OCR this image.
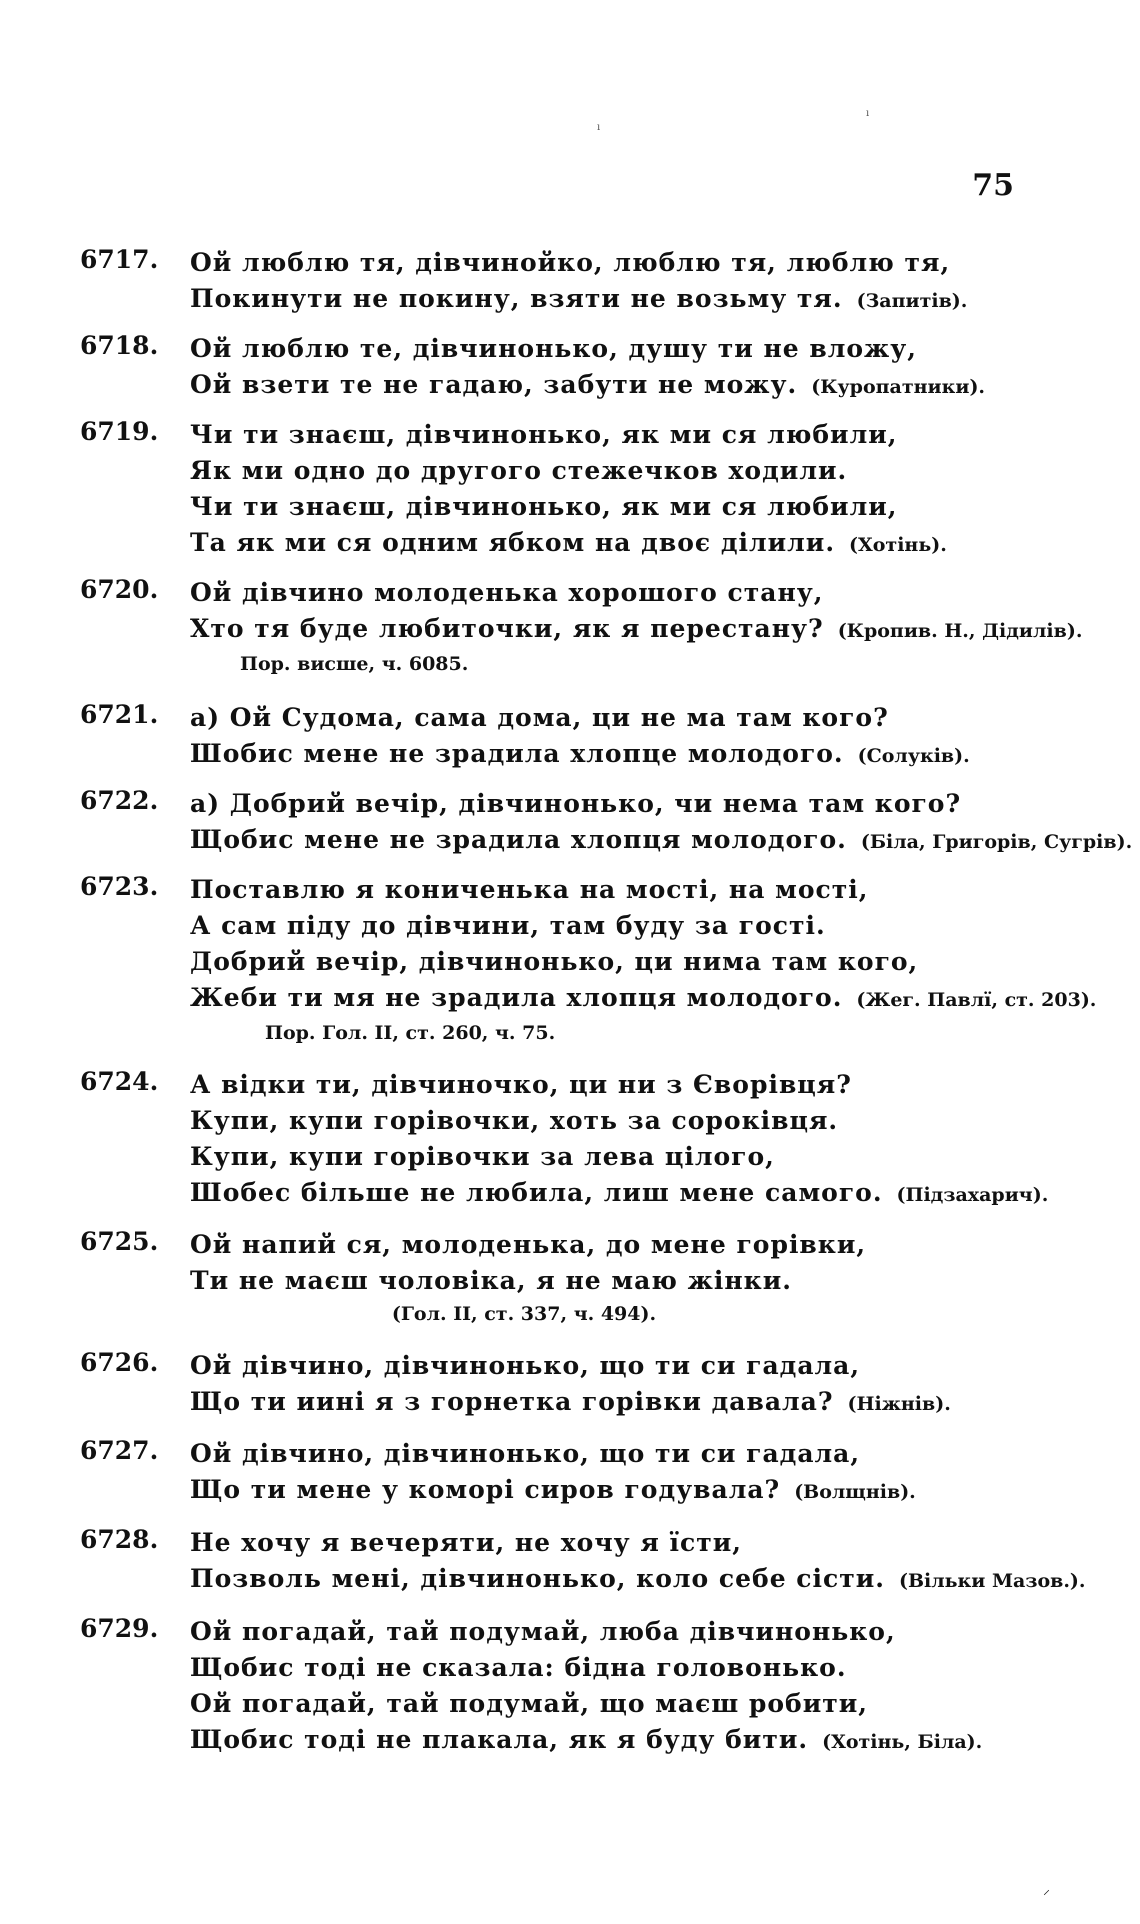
ı
ı
75
6717.	Ой люблю тя, дівчинойко, люблю тя, люблю тя,
Покинути не покину, взяти не возьму тя. (Запитів).
6718.	Ой люблю те, дівчинонько, душу ти не вложу,
Ой взети те не гадаю, забути не можу. (Куропатники).
6719.	Чи ти знаєш, дівчинонько, як ми ся любили,
Як ми одно до другого стежечков ходили.
Чи ти знаєш, дівчинонько, як ми ся любили,
Та як ми ся одним ябком на двоє ділили. (Хотінь).
6720.	Ой дівчино молоденька хорошого стану,
Хто тя буде любиточки, як я перестану? (Кропив. Н., Дідилів).
Пор. висше, ч. 6085.
6721.	а) Ой Судома, сама дома, ци не ма там кого?
Шобис мене не зрадила хлопце молодого. (Солуків).
6722.	а) Добрий вечір, дівчинонько, чи нема там кого?
Щобис мене не зрадила хлопця молодого. (Біла, Григорів, Сугрів).
6723.	Поставлю я кониченька на мості, на мості,
А сам піду до дівчини, там буду за гості.
Добрий вечір, дівчинонько, ци нима там кого,
Жеби ти мя не зрадила хлопця молодого. (Жег. Павлї, ст. 203).
Пор. Гол. II, ст. 260, ч. 75.
6724.	А відки ти, дівчиночко, ци ни з Єворівця?
Купи, купи горівочки, хоть за сороківця.
Купи, купи горівочки за лева цілого,
Шобес більше не любила, лиш мене самого. (Підзахарич).
6725.	Ой напий ся, молоденька, до мене горівки,
Ти не маєш чоловіка, я не маю жінки.
(Гол. II, ст. 337, ч. 494).
6726.	Ой дівчино, дівчинонько, що ти си гадала,
Що ти иині я з горнетка горівки давала? (Ніжнів).
6727.	Ой дівчино, дівчинонько, що ти си гадала,
Що ти мене у коморі сиров годувала? (Волщнів).
6728.	Не хочу я вечеряти, не хочу я їсти,
Позволь мені, дівчинонько, коло себе сісти. (Вільки Мазов.).
6729.	Ой погадай, тай подумай, люба дівчинонько,
Щобис тоді не сказала: бідна головонько.
Ой погадай, тай подумай, що маєш робити,
Щобис тоді не плакала, як я буду бити. (Хотінь, Біла).
⸝
